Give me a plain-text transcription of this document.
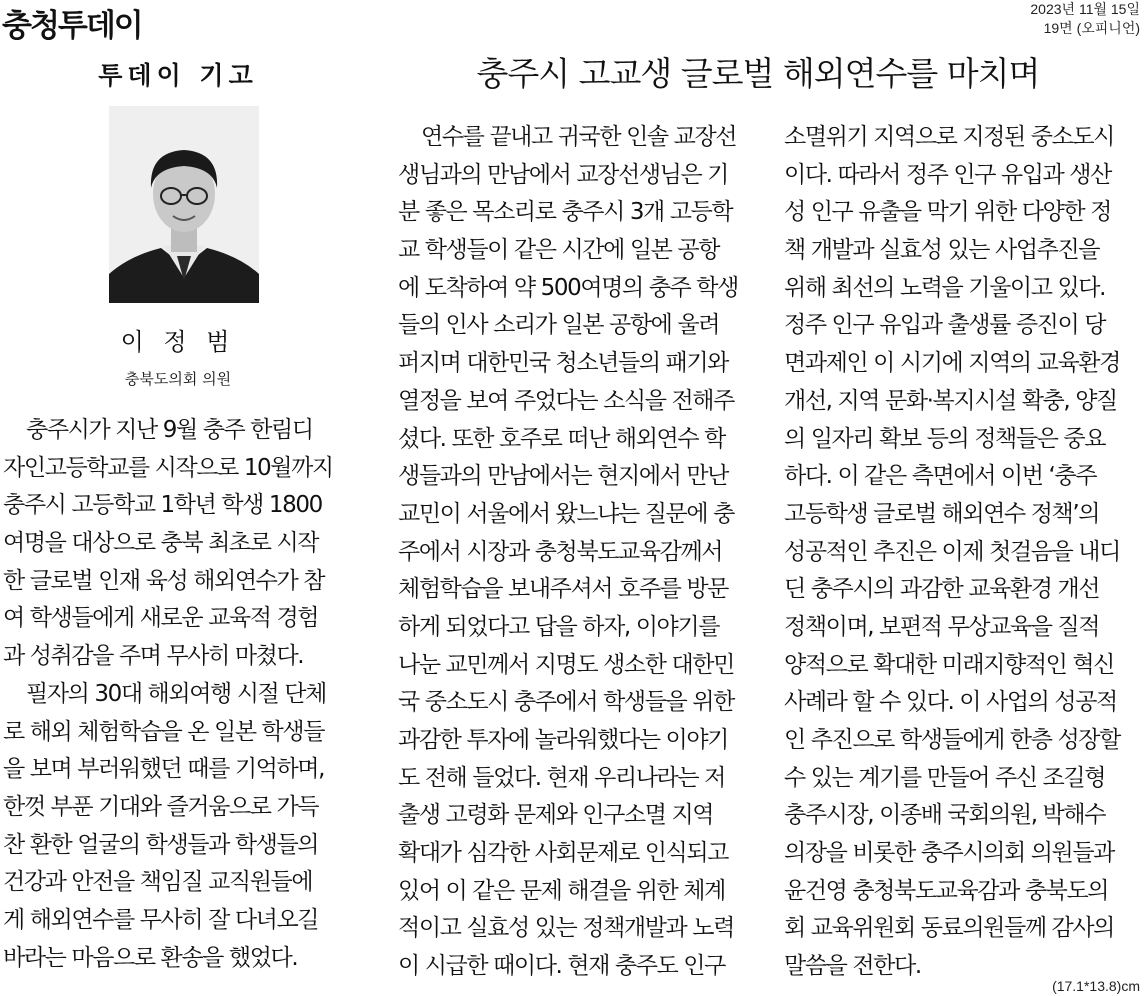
충청투데이	2023년 11월 15일
19면 (오피니언)
투데이 기고
이 정 범
충북도의회 의원
충주시 고교생 글로벌 해외연수를 마치며
충주시가 지난 9월 충주 한림디
자인고등학교를 시작으로 10월까지
충주시 고등학교 1학년 학생 1800
여명을 대상으로 충북 최초로 시작
한 글로벌 인재 육성 해외연수가 참
여 학생들에게 새로운 교육적 경험
과 성취감을 주며 무사히 마쳤다.
필자의 30대 해외여행 시절 단체
로 해외 체험학습을 온 일본 학생들
을 보며 부러워했던 때를 기억하며,
한껏 부푼 기대와 즐거움으로 가득
찬 환한 얼굴의 학생들과 학생들의
건강과 안전을 책임질 교직원들에
게 해외연수를 무사히 잘 다녀오길
바라는 마음으로 환송을 했었다.
연수를 끝내고 귀국한 인솔 교장선
생님과의 만남에서 교장선생님은 기
분 좋은 목소리로 충주시 3개 고등학
교 학생들이 같은 시간에 일본 공항
에 도착하여 약 500여명의 충주 학생
들의 인사 소리가 일본 공항에 울려
퍼지며 대한민국 청소년들의 패기와
열정을 보여 주었다는 소식을 전해주
셨다. 또한 호주로 떠난 해외연수 학
생들과의 만남에서는 현지에서 만난
교민이 서울에서 왔느냐는 질문에 충
주에서 시장과 충청북도교육감께서
체험학습을 보내주셔서 호주를 방문
하게 되었다고 답을 하자, 이야기를
나눈 교민께서 지명도 생소한 대한민
국 중소도시 충주에서 학생들을 위한
과감한 투자에 놀라워했다는 이야기
도 전해 들었다. 현재 우리나라는 저
출생 고령화 문제와 인구소멸 지역
확대가 심각한 사회문제로 인식되고
있어 이 같은 문제 해결을 위한 체계
적이고 실효성 있는 정책개발과 노력
이 시급한 때이다. 현재 충주도 인구
소멸위기 지역으로 지정된 중소도시
이다. 따라서 정주 인구 유입과 생산
성 인구 유출을 막기 위한 다양한 정
책 개발과 실효성 있는 사업추진을
위해 최선의 노력을 기울이고 있다.
정주 인구 유입과 출생률 증진이 당
면과제인 이 시기에 지역의 교육환경
개선, 지역 문화·복지시설 확충, 양질
의 일자리 확보 등의 정책들은 중요
하다. 이 같은 측면에서 이번 ‘충주
고등학생 글로벌 해외연수 정책’의
성공적인 추진은 이제 첫걸음을 내디
딘 충주시의 과감한 교육환경 개선
정책이며, 보편적 무상교육을 질적
양적으로 확대한 미래지향적인 혁신
사례라 할 수 있다. 이 사업의 성공적
인 추진으로 학생들에게 한층 성장할
수 있는 계기를 만들어 주신 조길형
충주시장, 이종배 국회의원, 박해수
의장을 비롯한 충주시의회 의원들과
윤건영 충청북도교육감과 충북도의
회 교육위원회 동료의원들께 감사의
말씀을 전한다.
(17.1*13.8)cm
